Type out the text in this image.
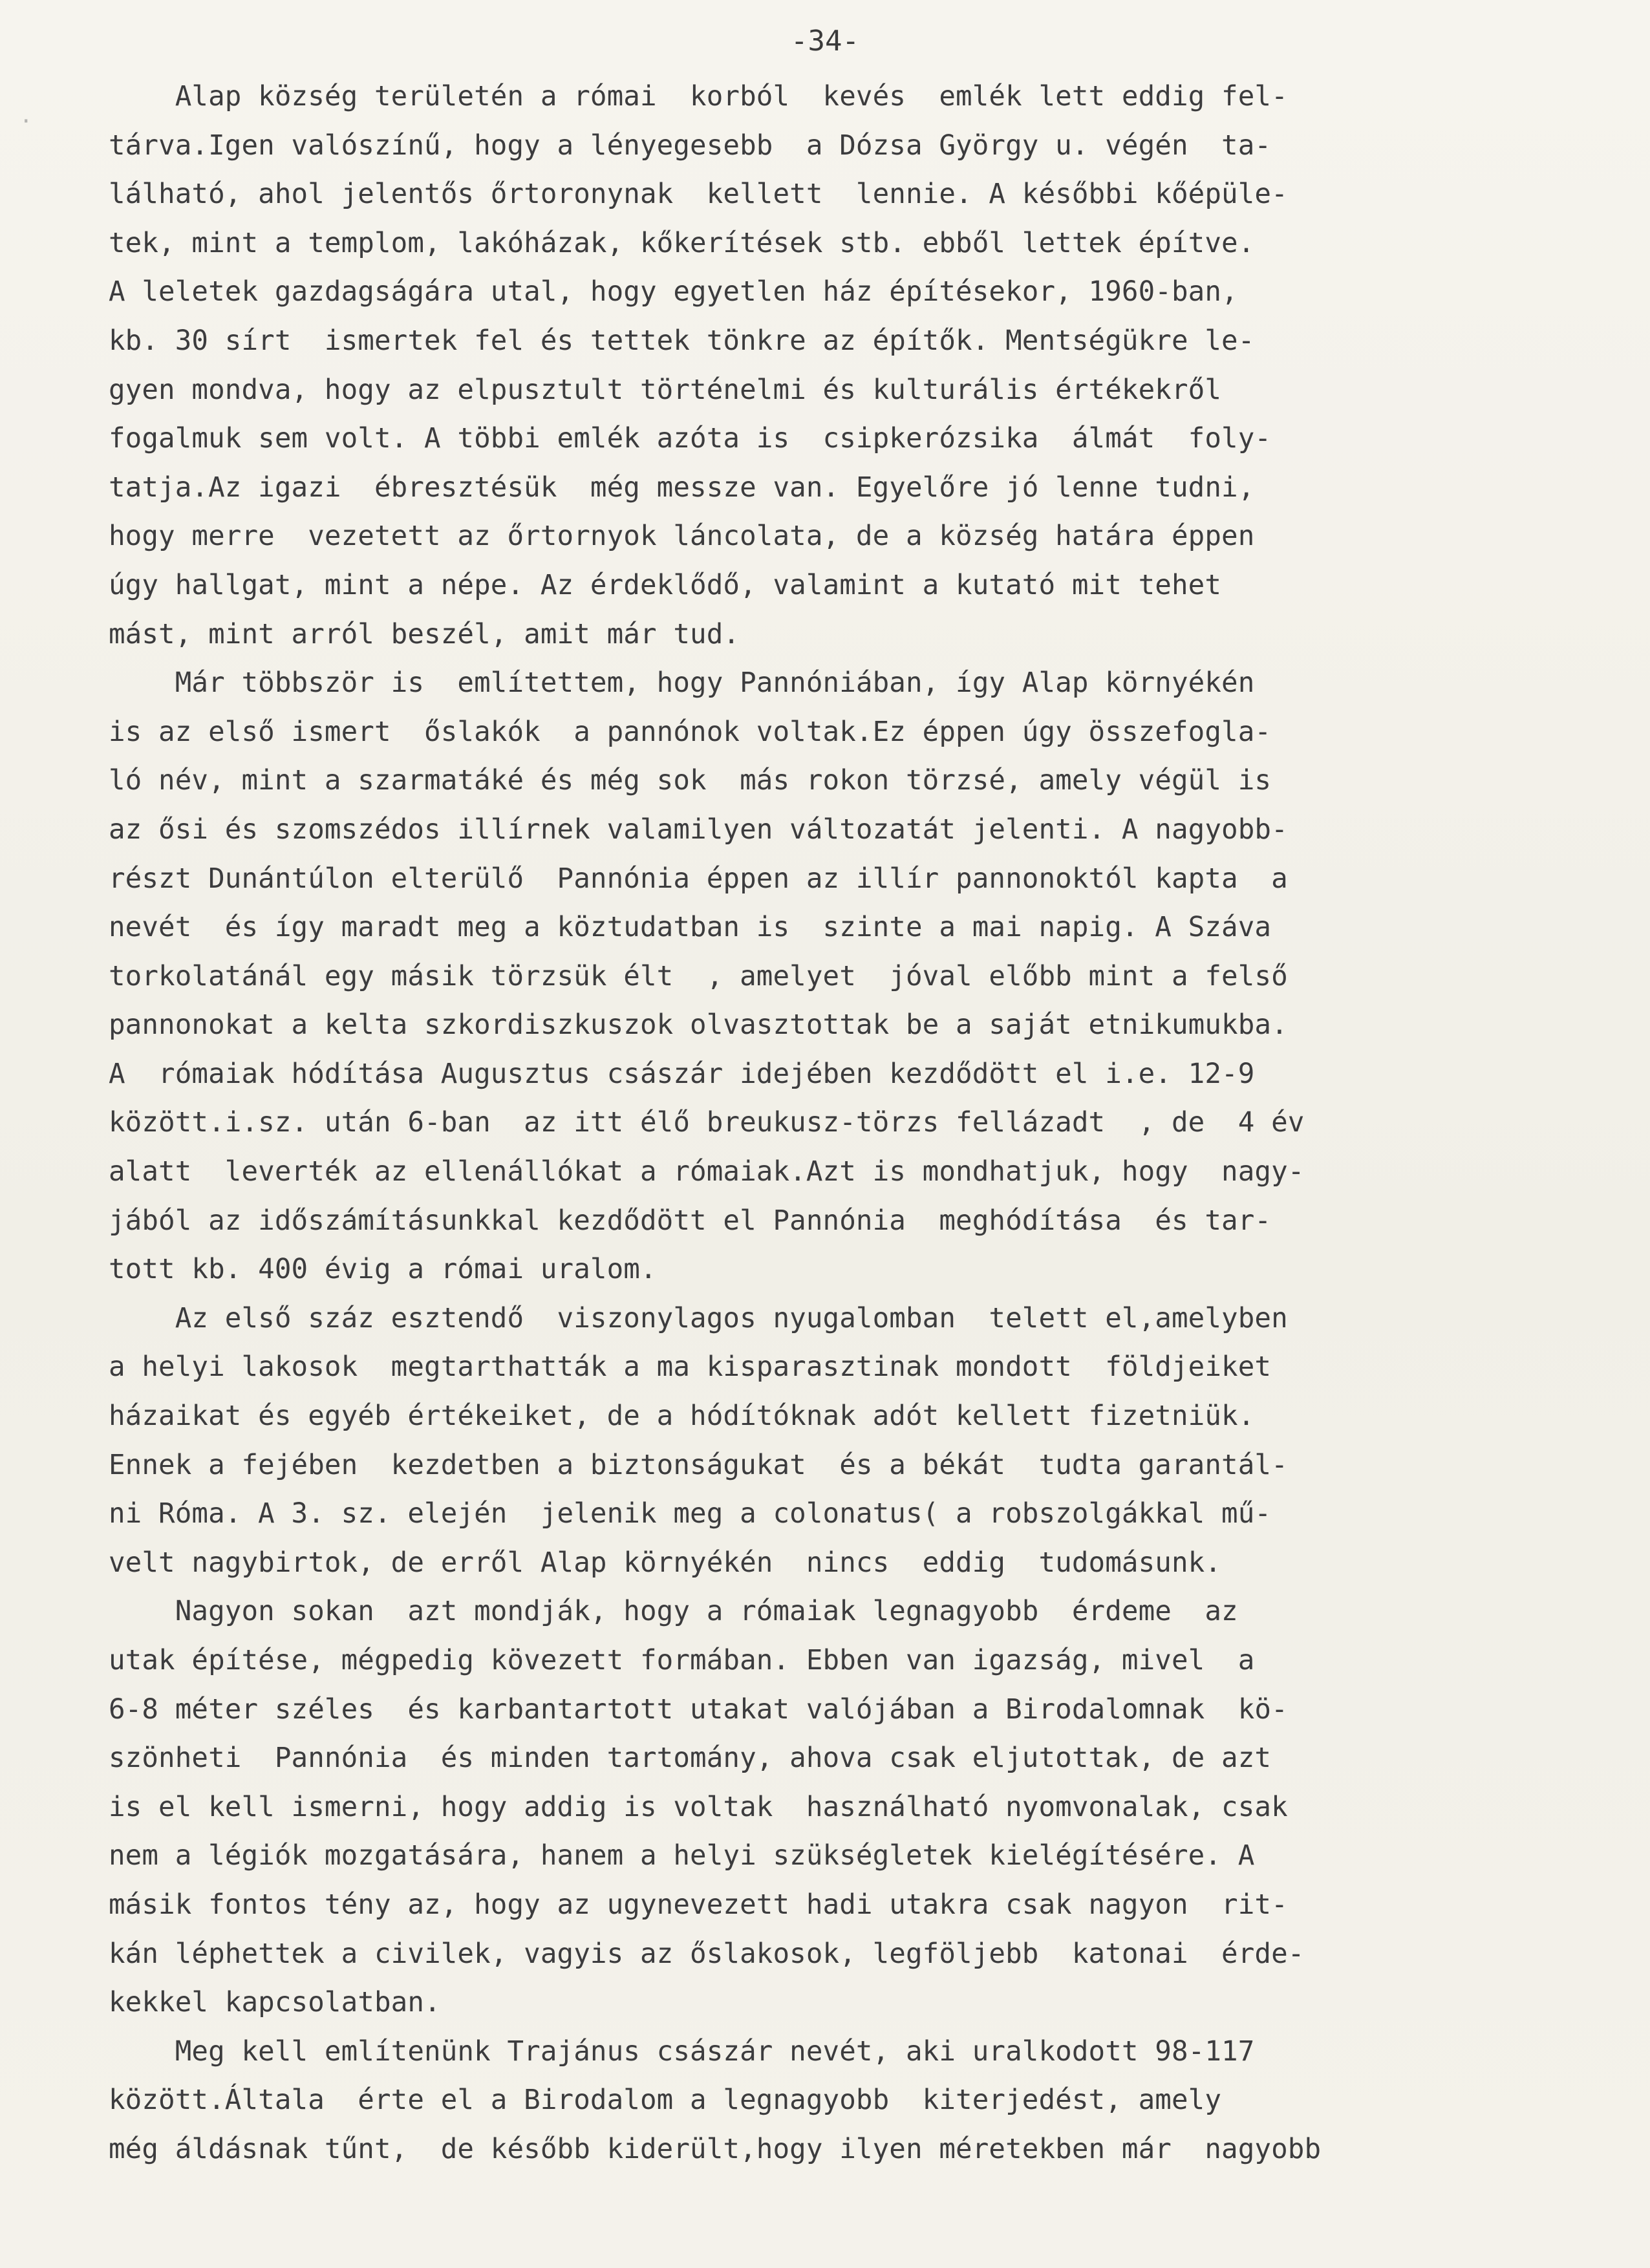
·
-34-
Alap község területén a római  korból  kevés  emlék lett eddig fel-
tárva.Igen valószínű, hogy a lényegesebb  a Dózsa György u. végén  ta-
lálható, ahol jelentős őrtoronynak  kellett  lennie. A későbbi kőépüle-
tek, mint a templom, lakóházak, kőkerítések stb. ebből lettek építve.
A leletek gazdagságára utal, hogy egyetlen ház építésekor, 1960-ban,
kb. 30 sírt  ismertek fel és tettek tönkre az építők. Mentségükre le-
gyen mondva, hogy az elpusztult történelmi és kulturális értékekről
fogalmuk sem volt. A többi emlék azóta is  csipkerózsika  álmát  foly-
tatja.Az igazi  ébresztésük  még messze van. Egyelőre jó lenne tudni,
hogy merre  vezetett az őrtornyok láncolata, de a község határa éppen
úgy hallgat, mint a népe. Az érdeklődő, valamint a kutató mit tehet
mást, mint arról beszél, amit már tud.
Már többször is  említettem, hogy Pannóniában, így Alap környékén
is az első ismert  őslakók  a pannónok voltak.Ez éppen úgy összefogla-
ló név, mint a szarmatáké és még sok  más rokon törzsé, amely végül is
az ősi és szomszédos illírnek valamilyen változatát jelenti. A nagyobb-
részt Dunántúlon elterülő  Pannónia éppen az illír pannonoktól kapta  a
nevét  és így maradt meg a köztudatban is  szinte a mai napig. A Száva
torkolatánál egy másik törzsük élt  , amelyet  jóval előbb mint a felső
pannonokat a kelta szkordiszkuszok olvasztottak be a saját etnikumukba.
A  rómaiak hódítása Augusztus császár idejében kezdődött el i.e. 12-9
között.i.sz. után 6-ban  az itt élő breukusz-törzs fellázadt  , de  4 év
alatt  leverték az ellenállókat a rómaiak.Azt is mondhatjuk, hogy  nagy-
jából az időszámításunkkal kezdődött el Pannónia  meghódítása  és tar-
tott kb. 400 évig a római uralom.
Az első száz esztendő  viszonylagos nyugalomban  telett el,amelyben
a helyi lakosok  megtarthatták a ma kisparasztinak mondott  földjeiket
házaikat és egyéb értékeiket, de a hódítóknak adót kellett fizetniük.
Ennek a fejében  kezdetben a biztonságukat  és a békát  tudta garantál-
ni Róma. A 3. sz. elején  jelenik meg a colonatus( a robszolgákkal mű-
velt nagybirtok, de erről Alap környékén  nincs  eddig  tudomásunk.
Nagyon sokan  azt mondják, hogy a rómaiak legnagyobb  érdeme  az
utak építése, mégpedig kövezett formában. Ebben van igazság, mivel  a
6-8 méter széles  és karbantartott utakat valójában a Birodalomnak  kö-
szönheti  Pannónia  és minden tartomány, ahova csak eljutottak, de azt
is el kell ismerni, hogy addig is voltak  használható nyomvonalak, csak
nem a légiók mozgatására, hanem a helyi szükségletek kielégítésére. A
másik fontos tény az, hogy az ugynevezett hadi utakra csak nagyon  rit-
kán léphettek a civilek, vagyis az őslakosok, legföljebb  katonai  érde-
kekkel kapcsolatban.
Meg kell említenünk Trajánus császár nevét, aki uralkodott 98-117
között.Általa  érte el a Birodalom a legnagyobb  kiterjedést, amely
még áldásnak tűnt,  de később kiderült,hogy ilyen méretekben már  nagyobb
